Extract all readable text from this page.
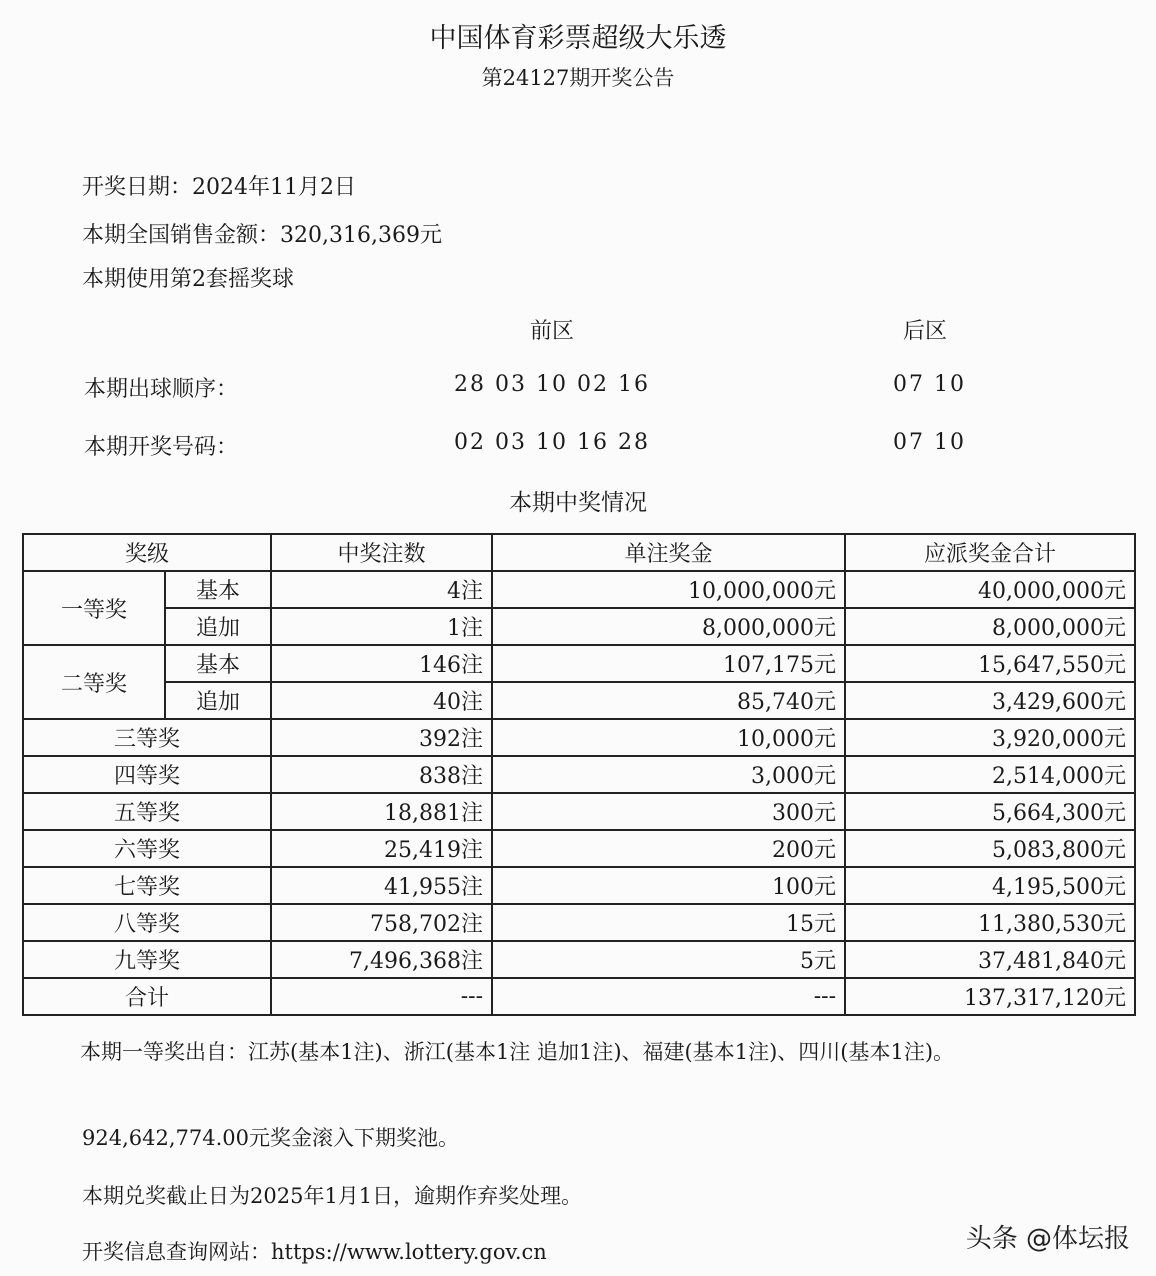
中国体育彩票超级大乐透
第24127期开奖公告
开奖日期：2024年11月2日
本期全国销售金额：320,316,369元
本期使用第2套摇奖球
前区	后区
本期出球顺序：	28 03 10 02 16	07 10
本期开奖号码：	02 03 10 16 28	07 10
本期中奖情况
奖级		中奖注数	单注奖金	应派奖金合计
一等奖	基本	4注	10,000,000元	40,000,000元
	追加	1注	8,000,000元	8,000,000元
二等奖	基本	146注	107,175元	15,647,550元
	追加	40注	85,740元	3,429,600元
三等奖		392注	10,000元	3,920,000元
四等奖		838注	3,000元	2,514,000元
五等奖		18,881注	300元	5,664,300元
六等奖		25,419注	200元	5,083,800元
七等奖		41,955注	100元	4,195,500元
八等奖		758,702注	15元	11,380,530元
九等奖		7,496,368注	5元	37,481,840元
合计		---	---	137,317,120元
本期一等奖出自：江苏(基本1注)、浙江(基本1注 追加1注)、福建(基本1注)、四川(基本1注)。
924,642,774.00元奖金滚入下期奖池。
本期兑奖截止日为2025年1月1日，逾期作弃奖处理。
开奖信息查询网站：https://www.lottery.gov.cn	头条 @体坛报
